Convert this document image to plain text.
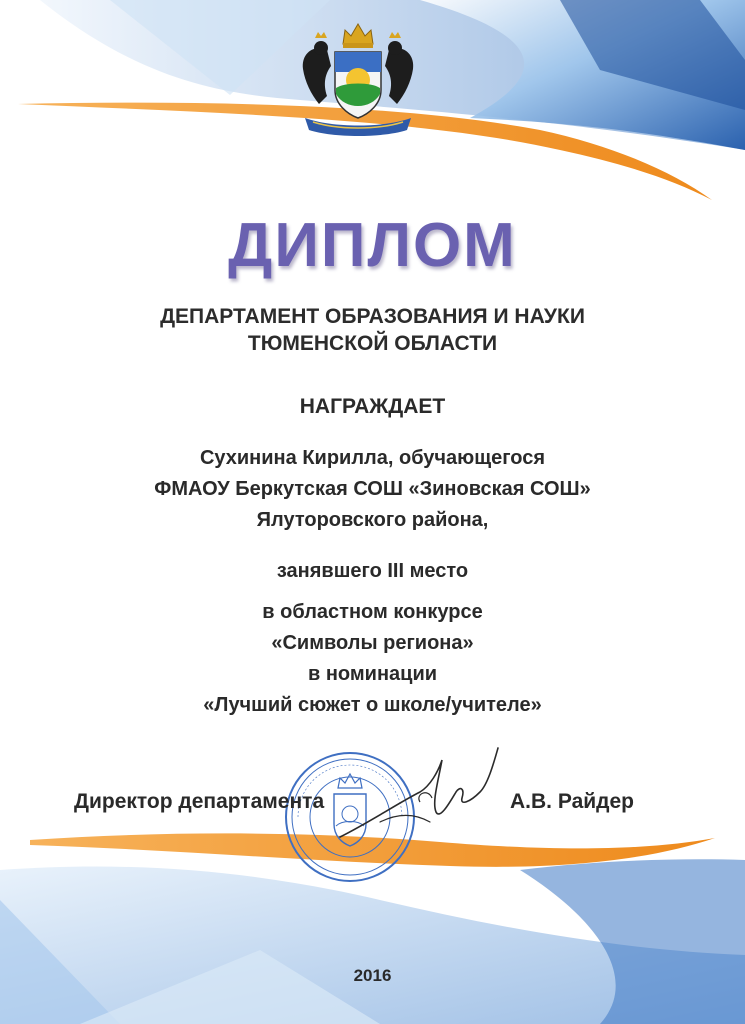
ДИПЛОМ
ДЕПАРТАМЕНТ ОБРАЗОВАНИЯ И НАУКИ
ТЮМЕНСКОЙ ОБЛАСТИ
НАГРАЖДАЕТ
Сухинина Кирилла, обучающегося
ФМАОУ Беркутская СОШ «Зиновская СОШ»
Ялуторовского района,
занявшего III место
в областном конкурсе
«Символы региона»
в номинации
«Лучший сюжет о школе/учителе»
Директор департамента	А.В. Райдер
2016
